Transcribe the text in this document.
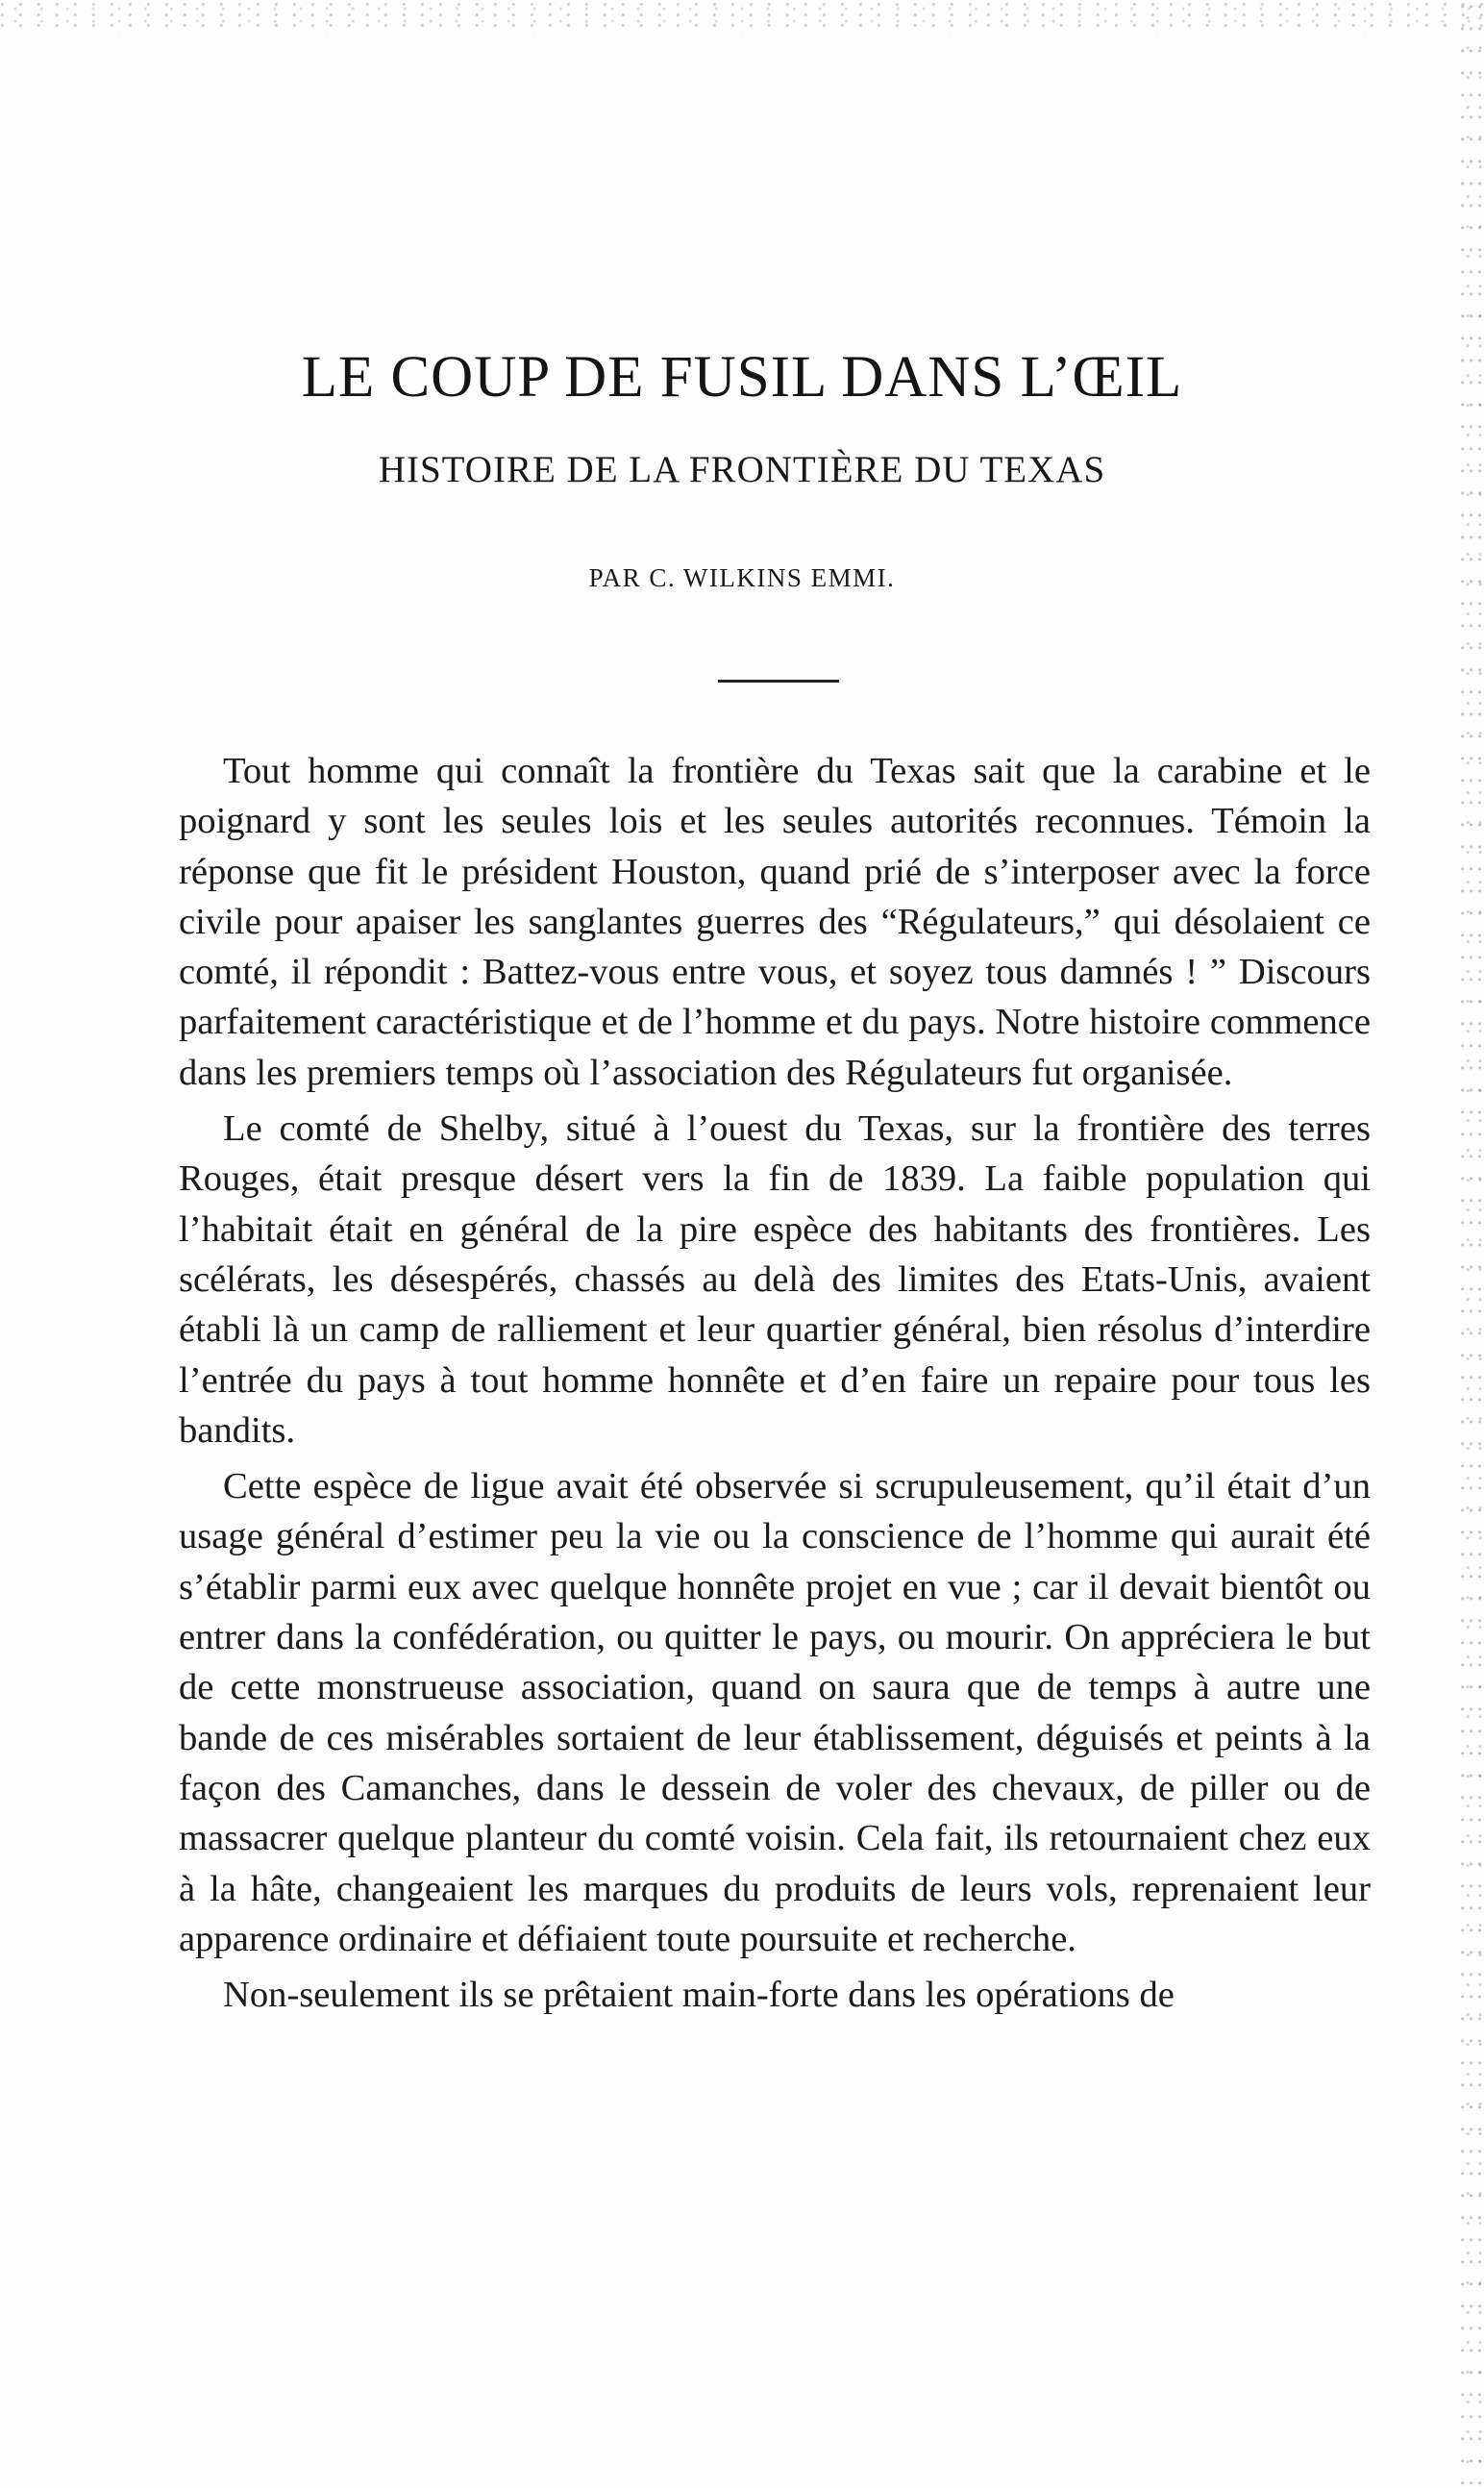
LE COUP DE FUSIL DANS L’ŒIL
HISTOIRE DE LA FRONTIÈRE DU TEXAS
PAR C. WILKINS EMMI.

Tout homme qui connaît la frontière du Texas sait que la carabine et le poignard y sont les seules lois et les seules autorités reconnues. Témoin la réponse que fit le président Houston, quand prié de s’interposer avec la force civile pour apaiser les sanglantes guerres des “Régulateurs,” qui désolaient ce comté, il répondit : Battez-vous entre vous, et soyez tous damnés ! ” Discours parfaitement caractéristique et de l’homme et du pays. Notre histoire commence dans les premiers temps où l’association des Régulateurs fut organisée.

Le comté de Shelby, situé à l’ouest du Texas, sur la frontière des terres Rouges, était presque désert vers la fin de 1839. La faible population qui l’habitait était en général de la pire espèce des habitants des frontières. Les scélérats, les désespérés, chassés au delà des limites des Etats-Unis, avaient établi là un camp de ralliement et leur quartier général, bien résolus d’interdire l’entrée du pays à tout homme honnête et d’en faire un repaire pour tous les bandits.

Cette espèce de ligue avait été observée si scrupuleusement, qu’il était d’un usage général d’estimer peu la vie ou la conscience de l’homme qui aurait été s’établir parmi eux avec quelque honnête projet en vue ; car il devait bientôt ou entrer dans la confédération, ou quitter le pays, ou mourir. On appréciera le but de cette monstrueuse association, quand on saura que de temps à autre une bande de ces misérables sortaient de leur établissement, déguisés et peints à la façon des Camanches, dans le dessein de voler des chevaux, de piller ou de massacrer quelque planteur du comté voisin. Cela fait, ils retournaient chez eux à la hâte, changeaient les marques du produits de leurs vols, reprenaient leur apparence ordinaire et défiaient toute poursuite et recherche.

Non-seulement ils se prêtaient main-forte dans les opérations de
